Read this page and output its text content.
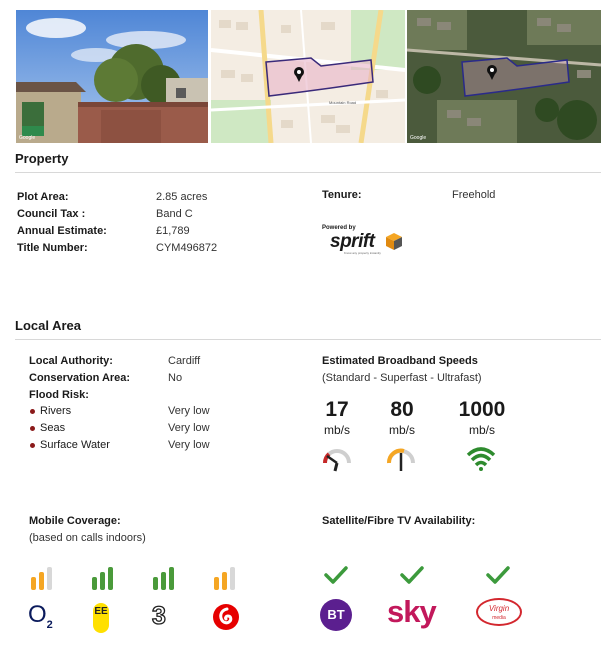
Google
Mountain Road
Google
Property
Plot Area:	2.85 acres
Council Tax :	Band C
Annual Estimate:	£1,789
Title Number:	CYM496872
Tenure:	Freehold
Powered by
sprift
Know any property instantly
Local Area
Local Authority:	Cardiff
Conservation Area:	No
Flood Risk:
Rivers	Very low
Seas	Very low
Surface Water	Very low
Estimated Broadband Speeds
(Standard - Superfast - Ultrafast)
17
mb/s
80
mb/s
1000
mb/s
Mobile Coverage:
(based on calls indoors)
$O_2$
EE 3
Satellite/Fibre TV Availability:
BT sky	Virgin
media
